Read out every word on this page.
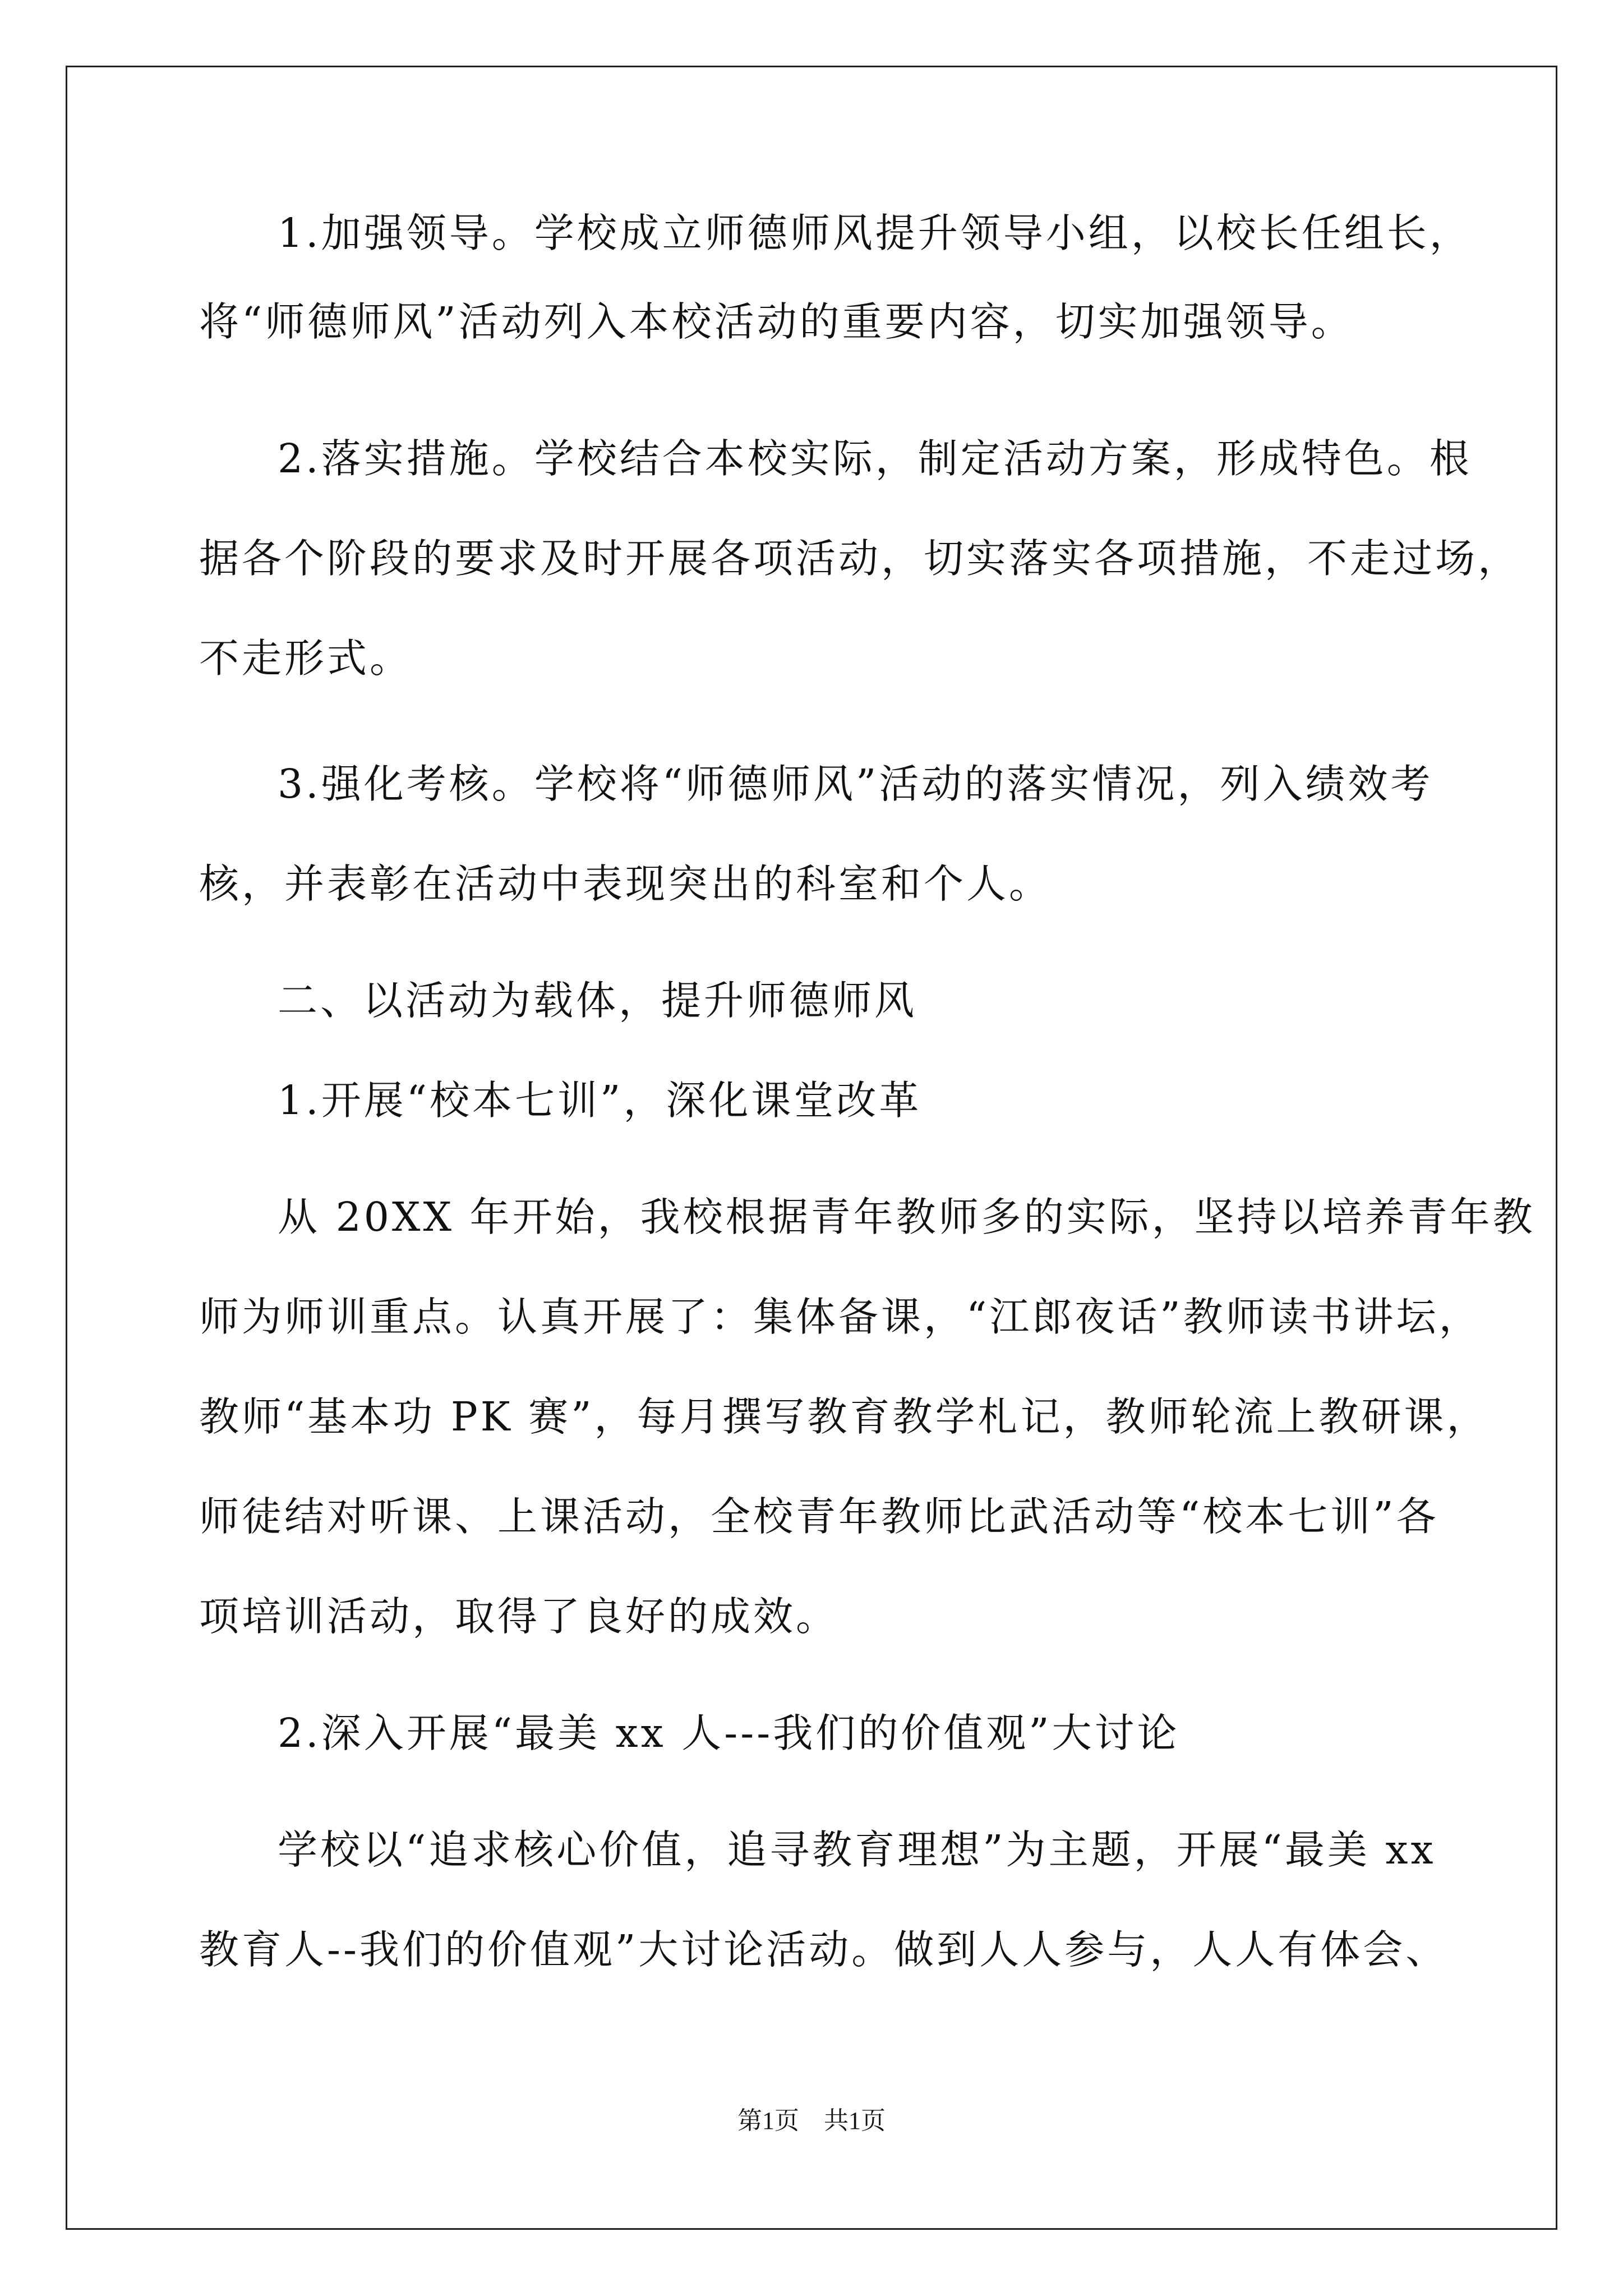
1.加强领导。学校成立师德师风提升领导小组，以校长任组长，
将“师德师风”活动列入本校活动的重要内容，切实加强领导。
2.落实措施。学校结合本校实际，制定活动方案，形成特色。根
据各个阶段的要求及时开展各项活动，切实落实各项措施，不走过场，
不走形式。
3.强化考核。学校将“师德师风”活动的落实情况，列入绩效考
核，并表彰在活动中表现突出的科室和个人。
二、以活动为载体，提升师德师风
1.开展“校本七训”，深化课堂改革
从 20XX 年开始，我校根据青年教师多的实际，坚持以培养青年教
师为师训重点。认真开展了：集体备课，“江郎夜话”教师读书讲坛，
教师“基本功 PK 赛”，每月撰写教育教学札记，教师轮流上教研课，
师徒结对听课、上课活动，全校青年教师比武活动等“校本七训”各
项培训活动，取得了良好的成效。
2.深入开展“最美 xx 人---我们的价值观”大讨论
学校以“追求核心价值，追寻教育理想”为主题，开展“最美 xx
教育人--我们的价值观”大讨论活动。做到人人参与，人人有体会、
第1页　共1页
